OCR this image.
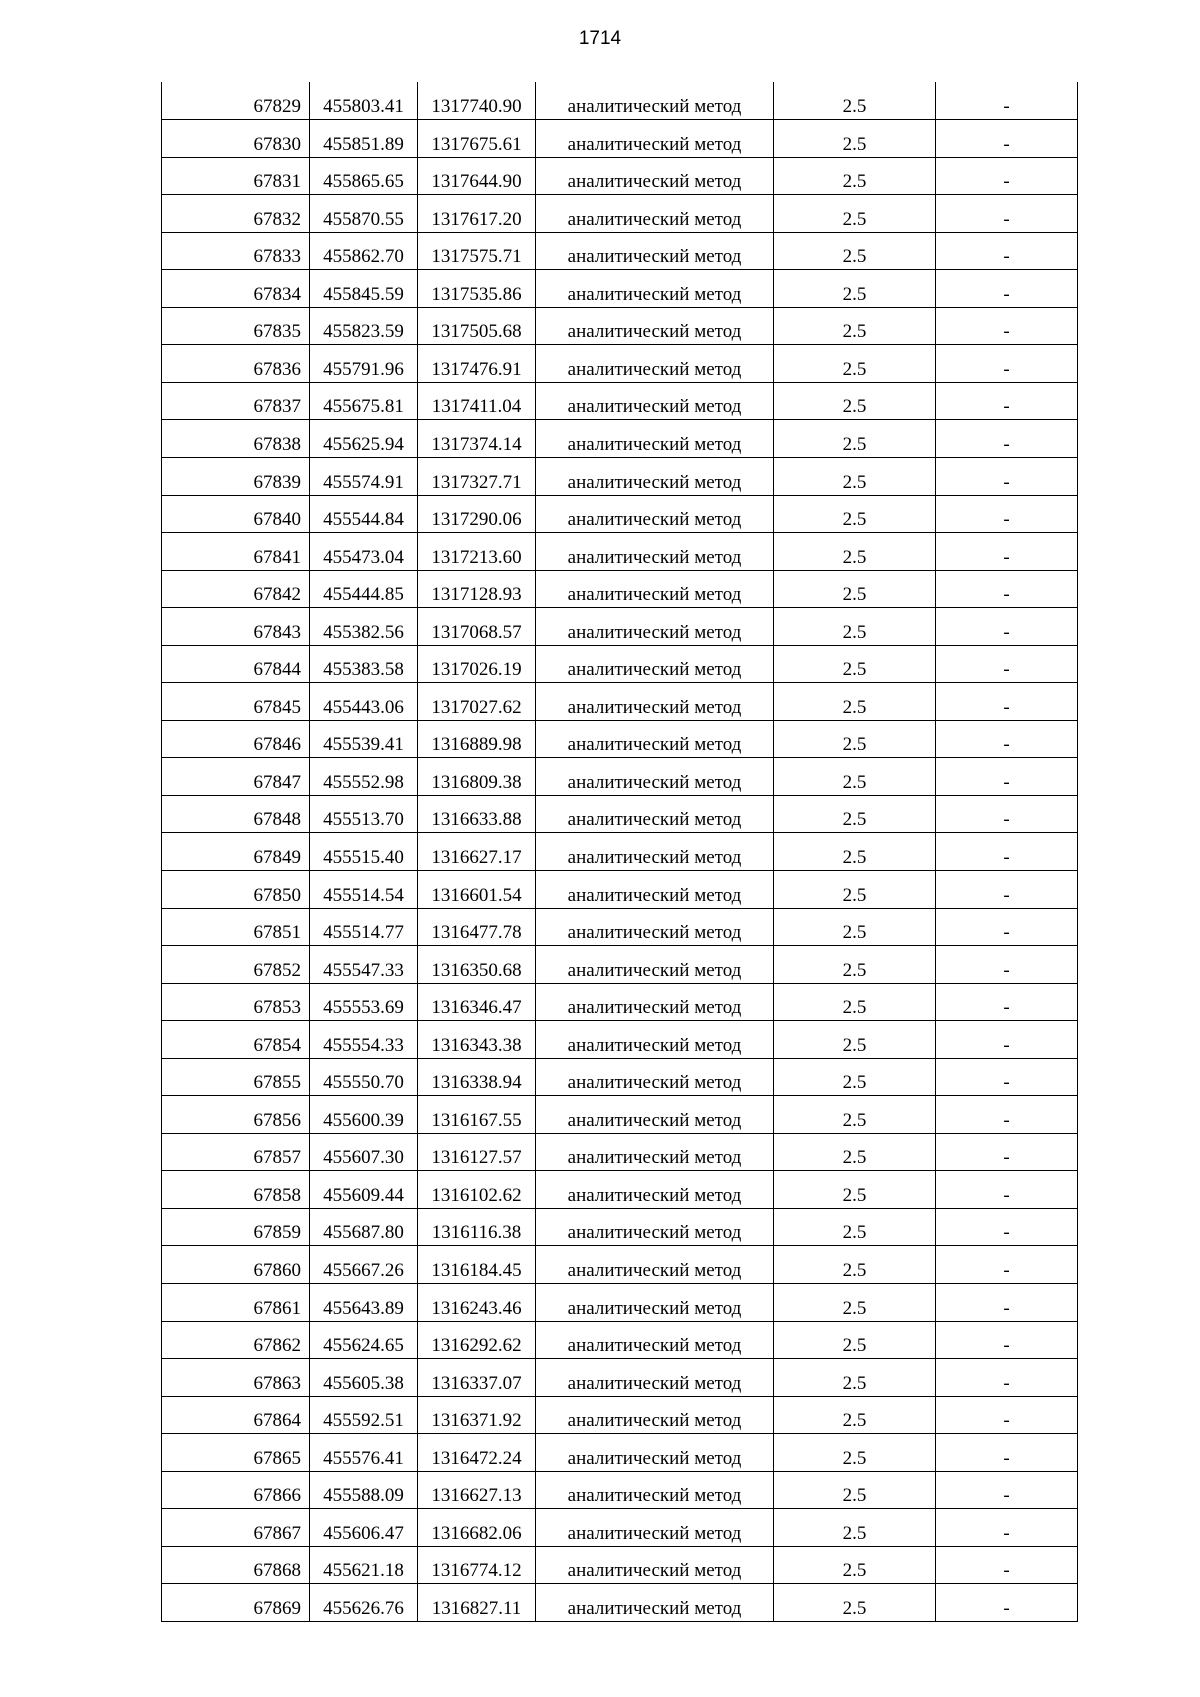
1714
67829	455803.41	1317740.90	аналитический метод	2.5	-
67830	455851.89	1317675.61	аналитический метод	2.5	-
67831	455865.65	1317644.90	аналитический метод	2.5	-
67832	455870.55	1317617.20	аналитический метод	2.5	-
67833	455862.70	1317575.71	аналитический метод	2.5	-
67834	455845.59	1317535.86	аналитический метод	2.5	-
67835	455823.59	1317505.68	аналитический метод	2.5	-
67836	455791.96	1317476.91	аналитический метод	2.5	-
67837	455675.81	1317411.04	аналитический метод	2.5	-
67838	455625.94	1317374.14	аналитический метод	2.5	-
67839	455574.91	1317327.71	аналитический метод	2.5	-
67840	455544.84	1317290.06	аналитический метод	2.5	-
67841	455473.04	1317213.60	аналитический метод	2.5	-
67842	455444.85	1317128.93	аналитический метод	2.5	-
67843	455382.56	1317068.57	аналитический метод	2.5	-
67844	455383.58	1317026.19	аналитический метод	2.5	-
67845	455443.06	1317027.62	аналитический метод	2.5	-
67846	455539.41	1316889.98	аналитический метод	2.5	-
67847	455552.98	1316809.38	аналитический метод	2.5	-
67848	455513.70	1316633.88	аналитический метод	2.5	-
67849	455515.40	1316627.17	аналитический метод	2.5	-
67850	455514.54	1316601.54	аналитический метод	2.5	-
67851	455514.77	1316477.78	аналитический метод	2.5	-
67852	455547.33	1316350.68	аналитический метод	2.5	-
67853	455553.69	1316346.47	аналитический метод	2.5	-
67854	455554.33	1316343.38	аналитический метод	2.5	-
67855	455550.70	1316338.94	аналитический метод	2.5	-
67856	455600.39	1316167.55	аналитический метод	2.5	-
67857	455607.30	1316127.57	аналитический метод	2.5	-
67858	455609.44	1316102.62	аналитический метод	2.5	-
67859	455687.80	1316116.38	аналитический метод	2.5	-
67860	455667.26	1316184.45	аналитический метод	2.5	-
67861	455643.89	1316243.46	аналитический метод	2.5	-
67862	455624.65	1316292.62	аналитический метод	2.5	-
67863	455605.38	1316337.07	аналитический метод	2.5	-
67864	455592.51	1316371.92	аналитический метод	2.5	-
67865	455576.41	1316472.24	аналитический метод	2.5	-
67866	455588.09	1316627.13	аналитический метод	2.5	-
67867	455606.47	1316682.06	аналитический метод	2.5	-
67868	455621.18	1316774.12	аналитический метод	2.5	-
67869	455626.76	1316827.11	аналитический метод	2.5	-
